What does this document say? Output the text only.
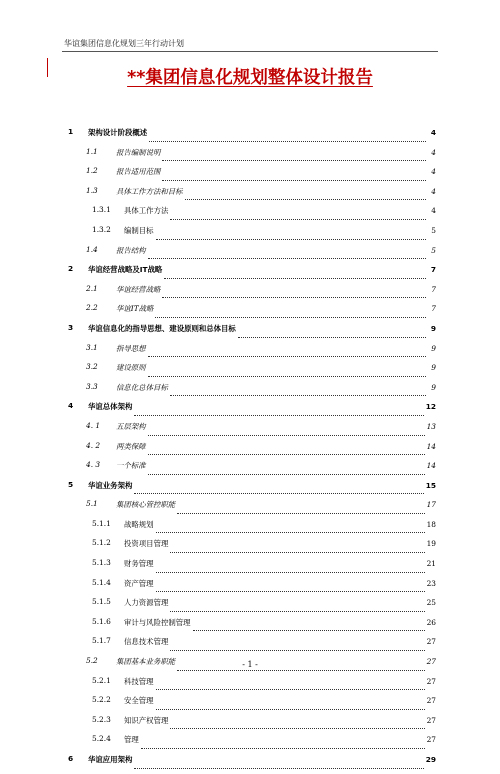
华谊集团信息化规划三年行动计划
**集团信息化规划整体设计报告
1 架构设计阶段概述	4
1.1 报告编制说明	4
1.2 报告适用范围	4
1.3 具体工作方法和目标	4
1.3.1 具体工作方法	4
1.3.2 编制目标	5
1.4 报告结构	5
2 华谊经营战略及IT战略	7
2.1 华谊经营战略	7
2.2 华谊IT战略	7
3 华谊信息化的指导思想、建设原则和总体目标	9
3.1 指导思想	9
3.2 建设原则	9
3.3 信息化总体目标	9
4 华谊总体架构	12
4. 1 五层架构	13
4. 2 两类保障	14
4. 3 一个标准	14
5 华谊业务架构	15
5.1 集团核心管控职能	17
5.1.1 战略规划	18
5.1.2 投资项目管理	19
5.1.3 财务管理	21
5.1.4 资产管理	23
5.1.5 人力资源管理	25
5.1.6 审计与风险控制管理	26
5.1.7 信息技术管理	27
5.2 集团基本业务职能	27
5.2.1 科技管理	27
5.2.2 安全管理	27
5.2.3 知识产权管理	27
5.2.4 管理	27
6 华谊应用架构	29
- 1 -
